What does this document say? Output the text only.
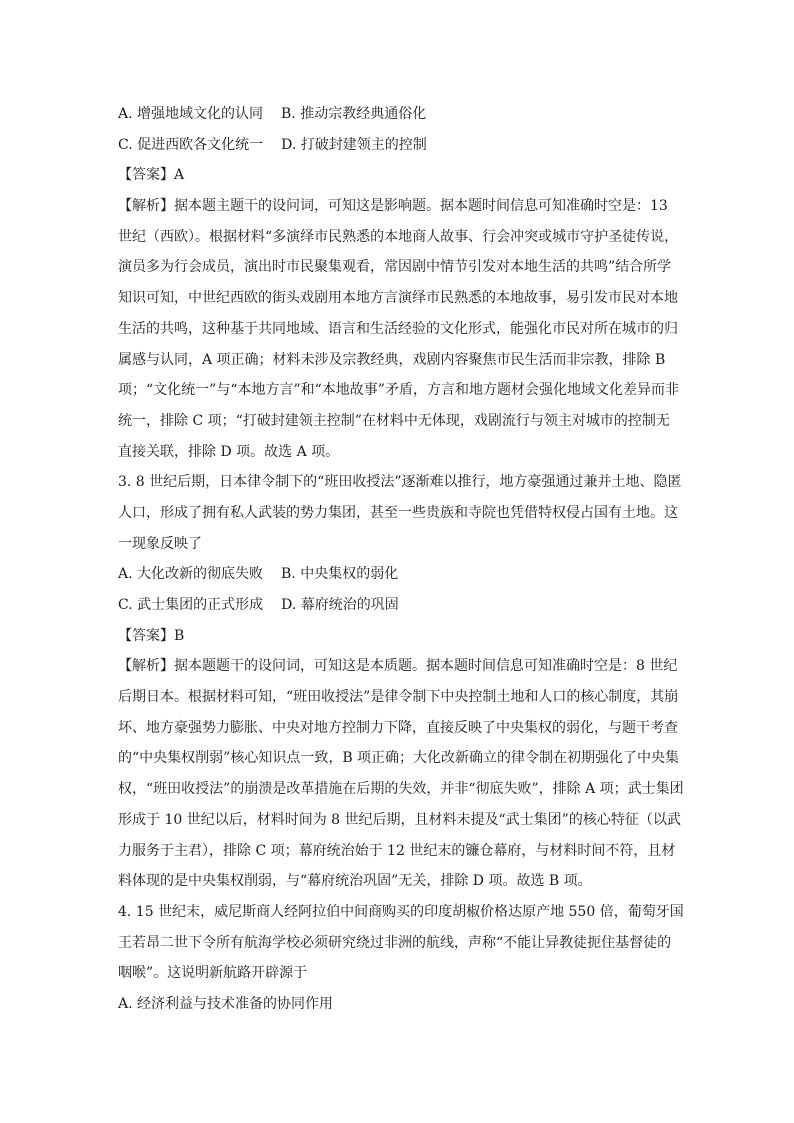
A. 增强地域文化的认同 B. 推动宗教经典通俗化
C. 促进西欧各文化统一 D. 打破封建领主的控制
【答案】A
【解析】据本题主题干的设问词，可知这是影响题。据本题时间信息可知准确时空是：13
世纪（西欧）。根据材料“多演绎市民熟悉的本地商人故事、行会冲突或城市守护圣徒传说，
演员多为行会成员，演出时市民聚集观看，常因剧中情节引发对本地生活的共鸣”结合所学
知识可知，中世纪西欧的街头戏剧用本地方言演绎市民熟悉的本地故事，易引发市民对本地
生活的共鸣，这种基于共同地域、语言和生活经验的文化形式，能强化市民对所在城市的归
属感与认同，A 项正确；材料未涉及宗教经典，戏剧内容聚焦市民生活而非宗教，排除 B
项；“文化统一”与“本地方言”和“本地故事”矛盾，方言和地方题材会强化地域文化差异而非
统一，排除 C 项；“打破封建领主控制”在材料中无体现，戏剧流行与领主对城市的控制无
直接关联，排除 D 项。故选 A 项。
3. 8 世纪后期，日本律令制下的“班田收授法”逐渐难以推行，地方豪强通过兼并土地、隐匿
人口，形成了拥有私人武装的势力集团，甚至一些贵族和寺院也凭借特权侵占国有土地。这
一现象反映了
A. 大化改新的彻底失败 B. 中央集权的弱化
C. 武士集团的正式形成 D. 幕府统治的巩固
【答案】B
【解析】据本题题干的设问词，可知这是本质题。据本题时间信息可知准确时空是：8 世纪
后期日本。根据材料可知，“班田收授法”是律令制下中央控制土地和人口的核心制度，其崩
坏、地方豪强势力膨胀、中央对地方控制力下降，直接反映了中央集权的弱化，与题干考查
的“中央集权削弱”核心知识点一致，B 项正确；大化改新确立的律令制在初期强化了中央集
权，“班田收授法”的崩溃是改革措施在后期的失效，并非“彻底失败”，排除 A 项；武士集团
形成于 10 世纪以后，材料时间为 8 世纪后期，且材料未提及“武士集团”的核心特征（以武
力服务于主君），排除 C 项；幕府统治始于 12 世纪末的镰仓幕府，与材料时间不符，且材
料体现的是中央集权削弱，与“幕府统治巩固”无关，排除 D 项。故选 B 项。
4. 15 世纪末，威尼斯商人经阿拉伯中间商购买的印度胡椒价格达原产地 550 倍，葡萄牙国
王若昂二世下令所有航海学校必须研究绕过非洲的航线，声称“不能让异教徒扼住基督徒的
咽喉”。这说明新航路开辟源于
A. 经济利益与技术准备的协同作用
